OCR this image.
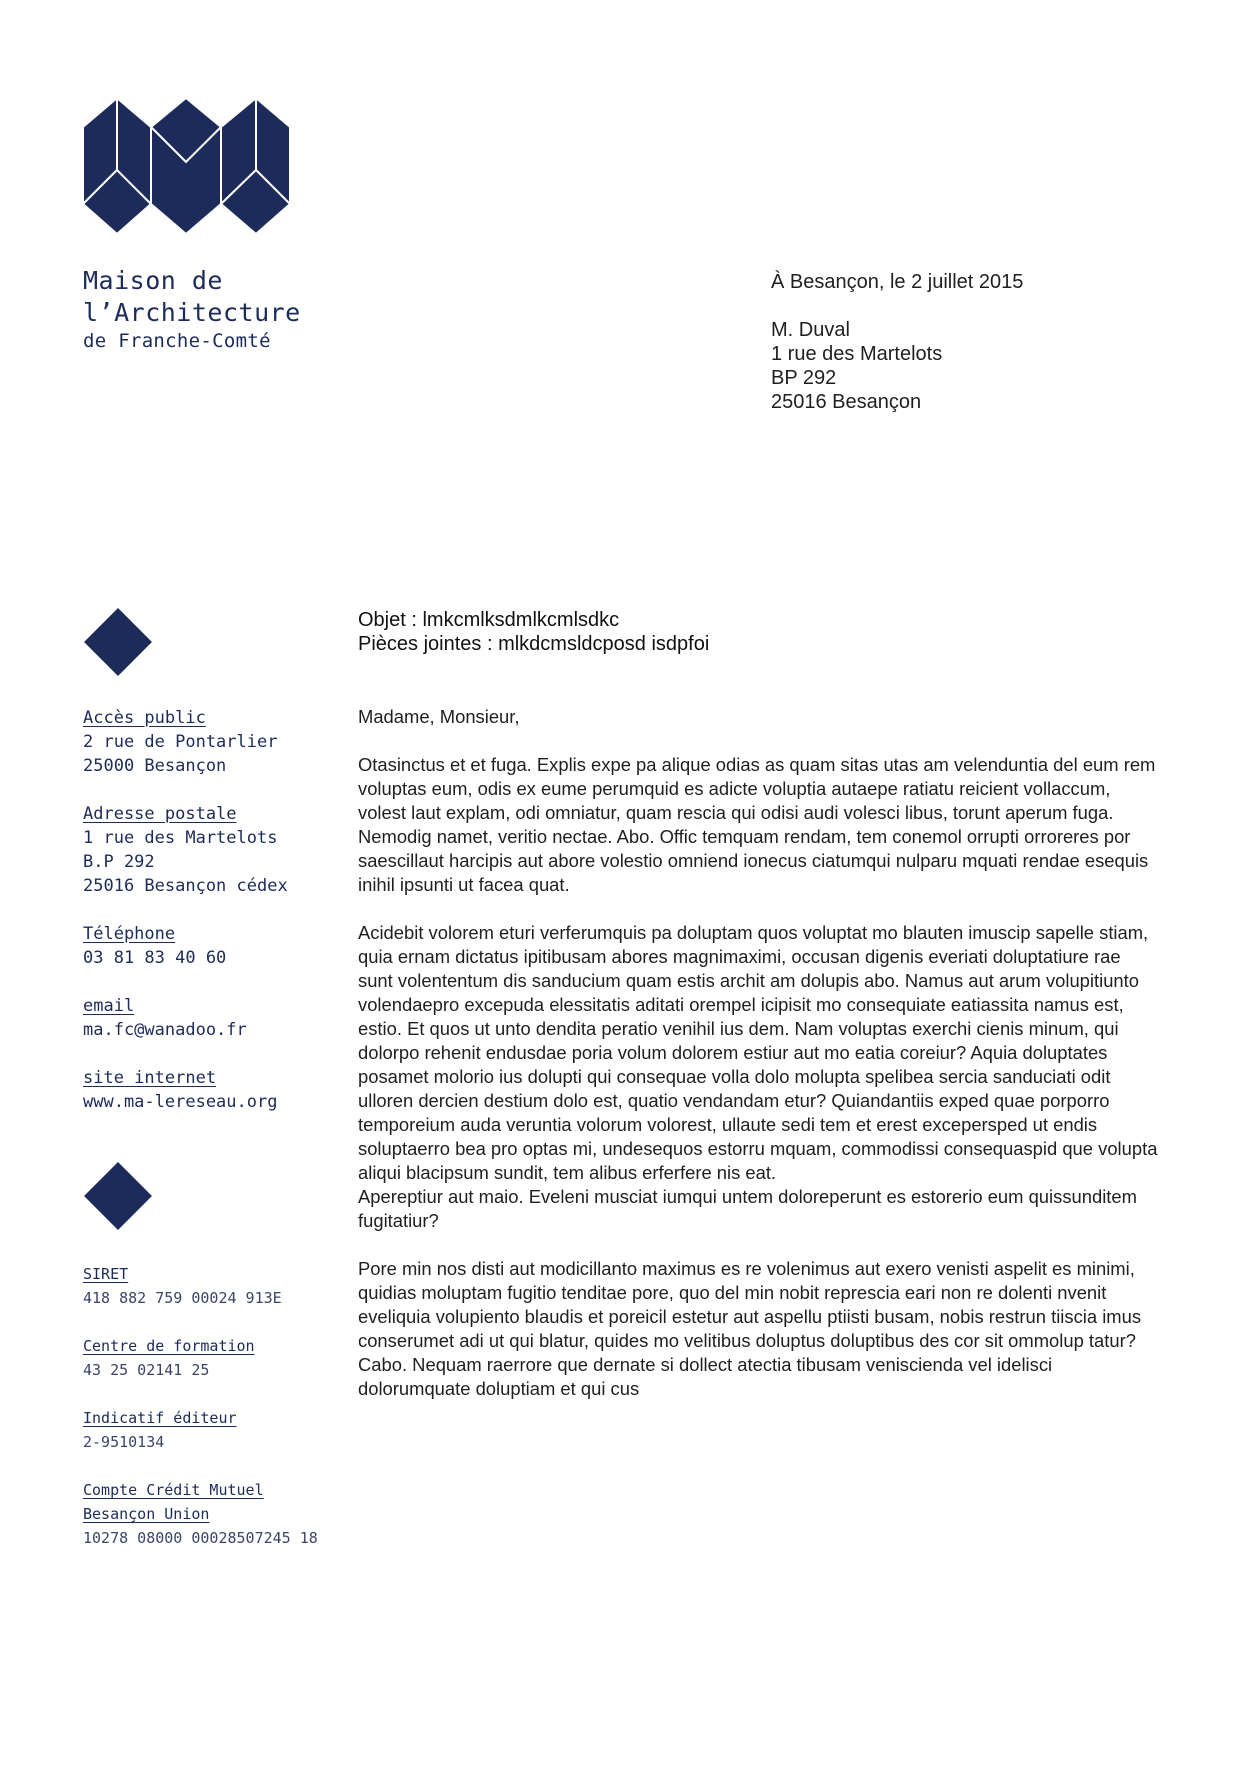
Maison de
l’Architecture
de Franche-Comté
À Besançon, le 2 juillet 2015
M. Duval
1 rue des Martelots
BP 292
25016 Besançon
Accès public
2 rue de Pontarlier
25000 Besançon
Adresse postale
1 rue des Martelots
B.P 292
25016 Besançon cédex
Téléphone
03 81 83 40 60
email
ma.fc@wanadoo.fr
site internet
www.ma-lereseau.org
SIRET
418 882 759 00024 913E
Centre de formation
43 25 02141 25
Indicatif éditeur
2-9510134
Compte Crédit Mutuel
Besançon Union
10278 08000 00028507245 18
Objet : lmkcmlksdmlkcmlsdkc
Pièces jointes : mlkdcmsldcposd isdpfoi

Madame, Monsieur,

Otasinctus et et fuga. Explis expe pa alique odias as quam sitas utas am velenduntia del eum rem voluptas eum, odis ex eume perumquid es adicte voluptia autaepe ratiatu reicient vollaccum, volest laut explam, odi omniatur, quam rescia qui odisi audi volesci libus, torunt aperum fuga. Nemodig namet, veritio nectae. Abo. Offic temquam rendam, tem conemol orrupti orroreres por saescillaut harcipis aut abore volestio omniend ionecus ciatumqui nulparu mquati rendae esequis inihil ipsunti ut facea quat.

Acidebit volorem eturi verferumquis pa doluptam quos voluptat mo blauten imuscip sapelle stiam, quia ernam dictatus ipitibusam abores magnimaximi, occusan digenis everiati doluptatiure rae sunt volententum dis sanducium quam estis archit am dolupis abo. Namus aut arum volupitiunto volendaepro excepuda elessitatis aditati orempel icipisit mo consequiate eatiassita namus est, estio. Et quos ut unto dendita peratio venihil ius dem. Nam voluptas exerchi cienis minum, qui dolorpo rehenit endusdae poria volum dolorem estiur aut mo eatia coreiur? Aquia doluptates posamet molorio ius dolupti qui consequae volla dolo molupta spelibea sercia sanduciati odit ulloren dercien destium dolo est, quatio vendandam etur? Quiandantiis exped quae porporro temporeium auda veruntia volorum volorest, ullaute sedi tem et erest excepersped ut endis soluptaerro bea pro optas mi, undesequos estorru mquam, commodissi consequaspid que volupta aliqui blacipsum sundit, tem alibus erferfere nis eat.

Apereptiur aut maio. Eveleni musciat iumqui untem doloreperunt es estorerio eum quissunditem fugitatiur?

Pore min nos disti aut modicillanto maximus es re volenimus aut exero venisti aspelit es minimi, quidias moluptam fugitio tenditae pore, quo del min nobit represcia eari non re dolenti nvenit eveliquia volupiento blaudis et poreicil estetur aut aspellu ptiisti busam, nobis restrun tiiscia imus conserumet adi ut qui blatur, quides mo velitibus doluptus doluptibus des cor sit ommolup tatur? Cabo. Nequam raerrore que dernate si dollect atectia tibusam veniscienda vel idelisci dolorumquate doluptiam et qui cus
